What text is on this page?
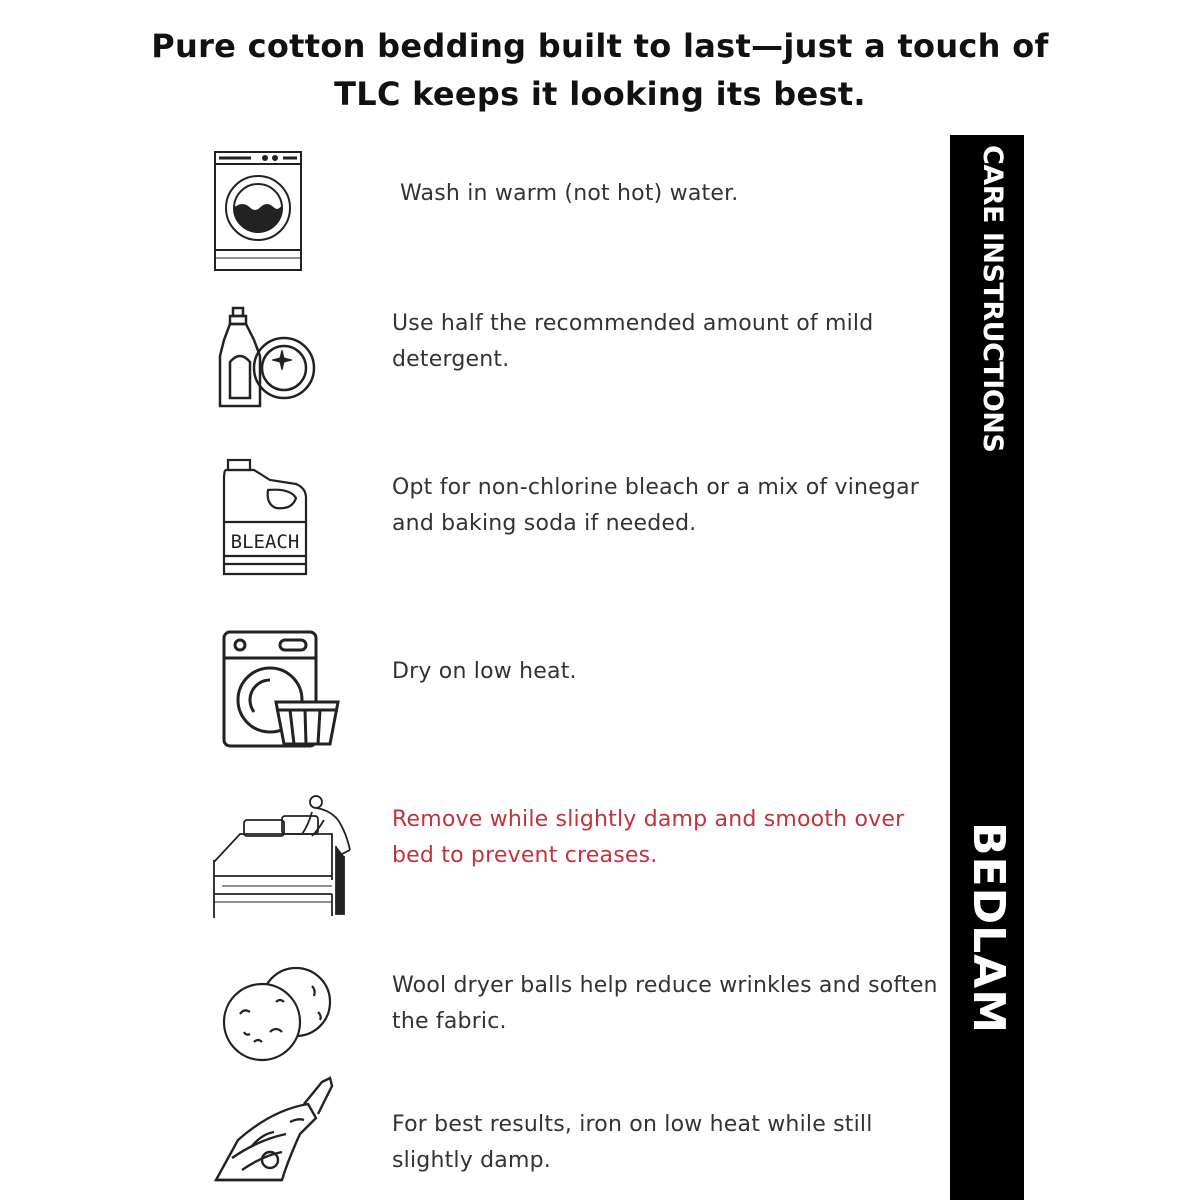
Pure cotton bedding built to last—just a touch of
TLC keeps it looking its best.
CARE INSTRUCTIONS
BEDLAM
Wash in warm (not hot) water.
Use half the recommended amount of mild detergent.
BLEACH
Opt for non-chlorine bleach or a mix of vinegar and baking soda if needed.
Dry on low heat.
Remove while slightly damp and smooth over bed to prevent creases.
Wool dryer balls help reduce wrinkles and soften the fabric.
For best results, iron on low heat while still slightly damp.
